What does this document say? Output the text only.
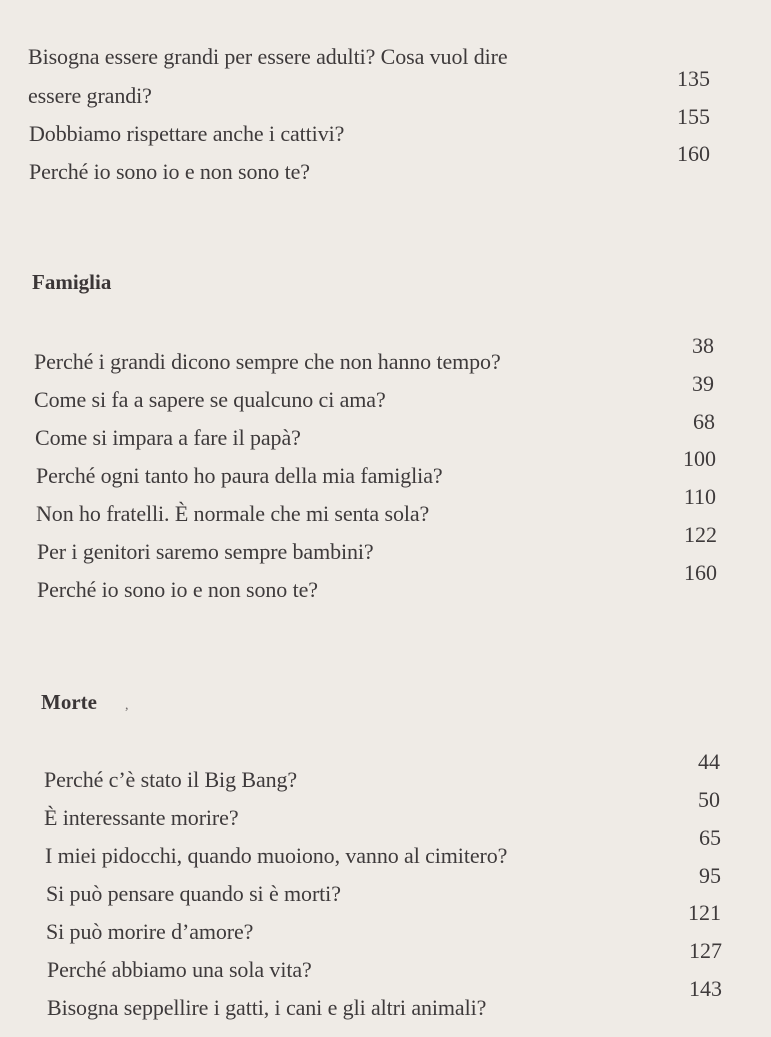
Bisogna essere grandi per essere adulti? Cosa vuol dire
essere grandi?
135
Dobbiamo rispettare anche i cattivi?
155
Perché io sono io e non sono te?
160
Famiglia
Perché i grandi dicono sempre che non hanno tempo?
38
Come si fa a sapere se qualcuno ci ama?
39
Come si impara a fare il papà?
68
Perché ogni tanto ho paura della mia famiglia?
100
Non ho fratelli. È normale che mi senta sola?
110
Per i genitori saremo sempre bambini?
122
Perché io sono io e non sono te?
160
Morte ,
Perché c’è stato il Big Bang?
44
È interessante morire?
50
I miei pidocchi, quando muoiono, vanno al cimitero?
65
Si può pensare quando si è morti?
95
Si può morire d’amore?
121
Perché abbiamo una sola vita?
127
Bisogna seppellire i gatti, i cani e gli altri animali?
143
